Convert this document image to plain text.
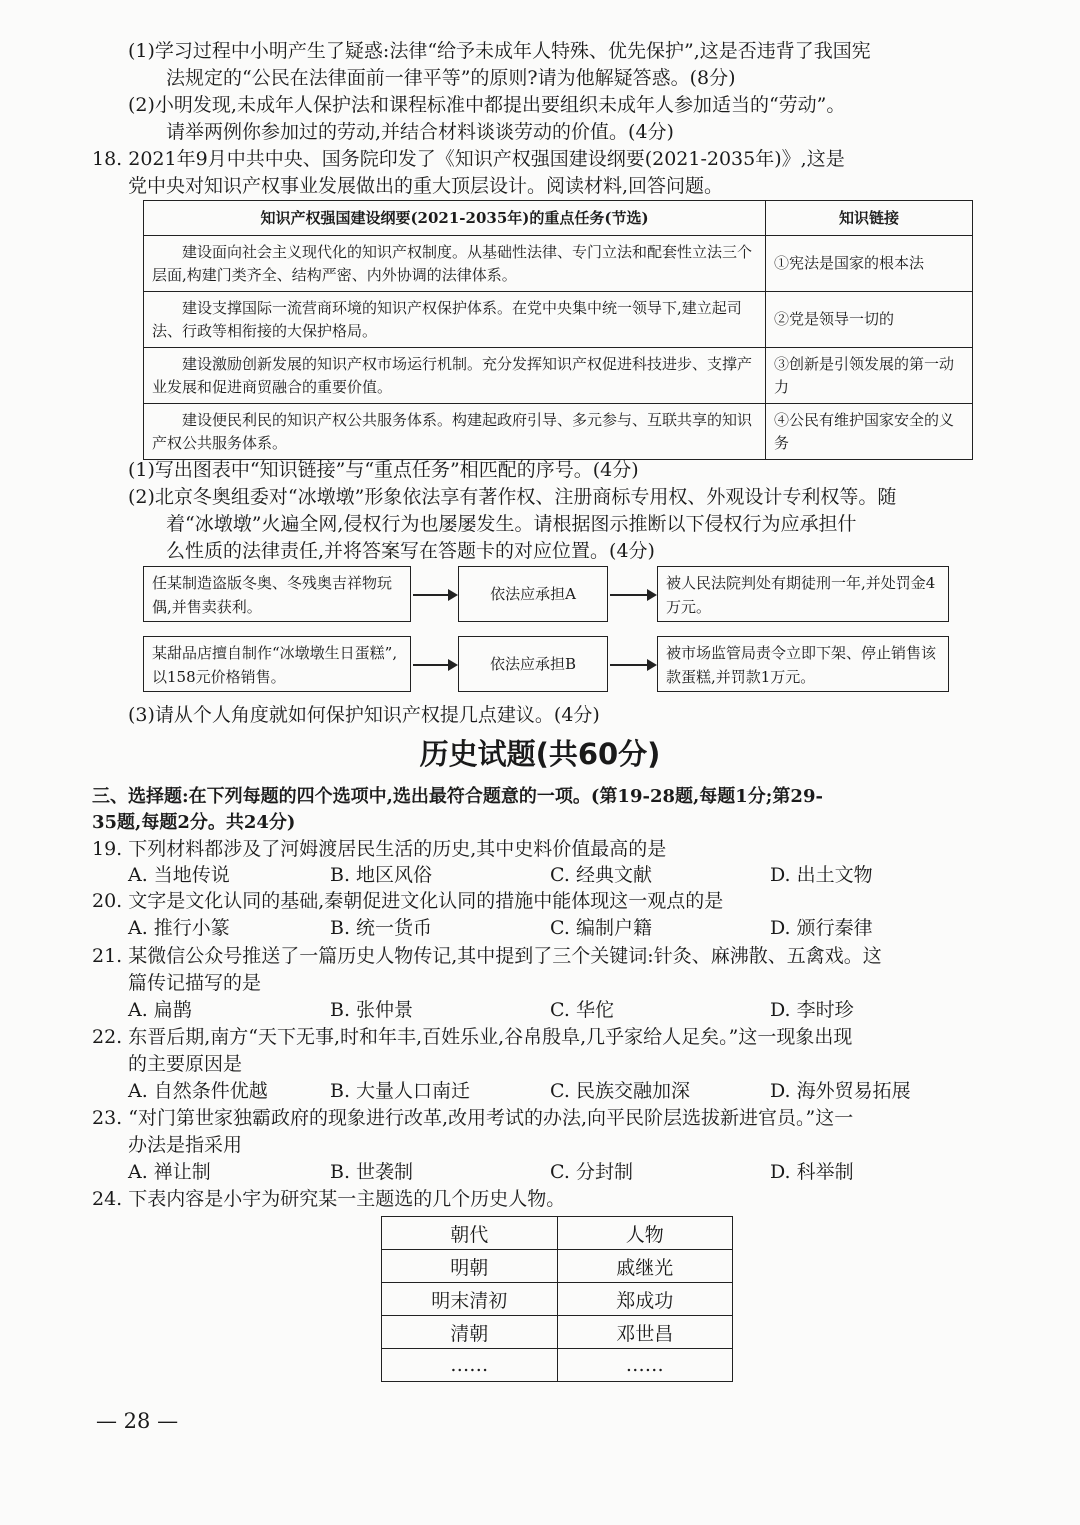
(1)学习过程中小明产生了疑惑:法律“给予未成年人特殊、优先保护”,这是否违背了我国宪
法规定的“公民在法律面前一律平等”的原则?请为他解疑答惑。(8分)
(2)小明发现,未成年人保护法和课程标准中都提出要组织未成年人参加适当的“劳动”。
请举两例你参加过的劳动,并结合材料谈谈劳动的价值。(4分)
18. 2021年9月中共中央、国务院印发了《知识产权强国建设纲要(2021-2035年)》,这是
党中央对知识产权事业发展做出的重大顶层设计。阅读材料,回答问题。
知识产权强国建设纲要(2021-2035年)的重点任务(节选)	知识链接
建设面向社会主义现代化的知识产权制度。从基础性法律、专门立法和配套性立法三个层面,构建门类齐全、结构严密、内外协调的法律体系。	①宪法是国家的根本法
建设支撑国际一流营商环境的知识产权保护体系。在党中央集中统一领导下,建立起司法、行政等相衔接的大保护格局。	②党是领导一切的
建设激励创新发展的知识产权市场运行机制。充分发挥知识产权促进科技进步、支撑产业发展和促进商贸融合的重要价值。	③创新是引领发展的第一动力
建设便民利民的知识产权公共服务体系。构建起政府引导、多元参与、互联共享的知识产权公共服务体系。	④公民有维护国家安全的义务
(1)写出图表中“知识链接”与“重点任务”相匹配的序号。(4分)
(2)北京冬奥组委对“冰墩墩”形象依法享有著作权、注册商标专用权、外观设计专利权等。随
着“冰墩墩”火遍全网,侵权行为也屡屡发生。请根据图示推断以下侵权行为应承担什
么性质的法律责任,并将答案写在答题卡的对应位置。(4分)
任某制造盗版冬奥、冬残奥吉祥物玩偶,并售卖获利。
依法应承担A
被人民法院判处有期徒刑一年,并处罚金4万元。
某甜品店擅自制作“冰墩墩生日蛋糕”,以158元价格销售。
依法应承担B
被市场监管局责令立即下架、停止销售该款蛋糕,并罚款1万元。
(3)请从个人角度就如何保护知识产权提几点建议。(4分)
历史试题(共60分)
三、选择题:在下列每题的四个选项中,选出最符合题意的一项。(第19-28题,每题1分;第29-
35题,每题2分。共24分)
19. 下列材料都涉及了河姆渡居民生活的历史,其中史料价值最高的是
A. 当地传说	B. 地区风俗	C. 经典文献	D. 出土文物
20. 文字是文化认同的基础,秦朝促进文化认同的措施中能体现这一观点的是
A. 推行小篆	B. 统一货币	C. 编制户籍	D. 颁行秦律
21. 某微信公众号推送了一篇历史人物传记,其中提到了三个关键词:针灸、麻沸散、五禽戏。这
篇传记描写的是
A. 扁鹊	B. 张仲景	C. 华佗	D. 李时珍
22. 东晋后期,南方“天下无事,时和年丰,百姓乐业,谷帛殷阜,几乎家给人足矣。”这一现象出现
的主要原因是
A. 自然条件优越	B. 大量人口南迁	C. 民族交融加深	D. 海外贸易拓展
23. “对门第世家独霸政府的现象进行改革,改用考试的办法,向平民阶层选拔新进官员。”这一
办法是指采用
A. 禅让制	B. 世袭制	C. 分封制	D. 科举制
24. 下表内容是小宇为研究某一主题选的几个历史人物。
朝代	人物
明朝	戚继光
明末清初	郑成功
清朝	邓世昌
……	……
— 28 —
